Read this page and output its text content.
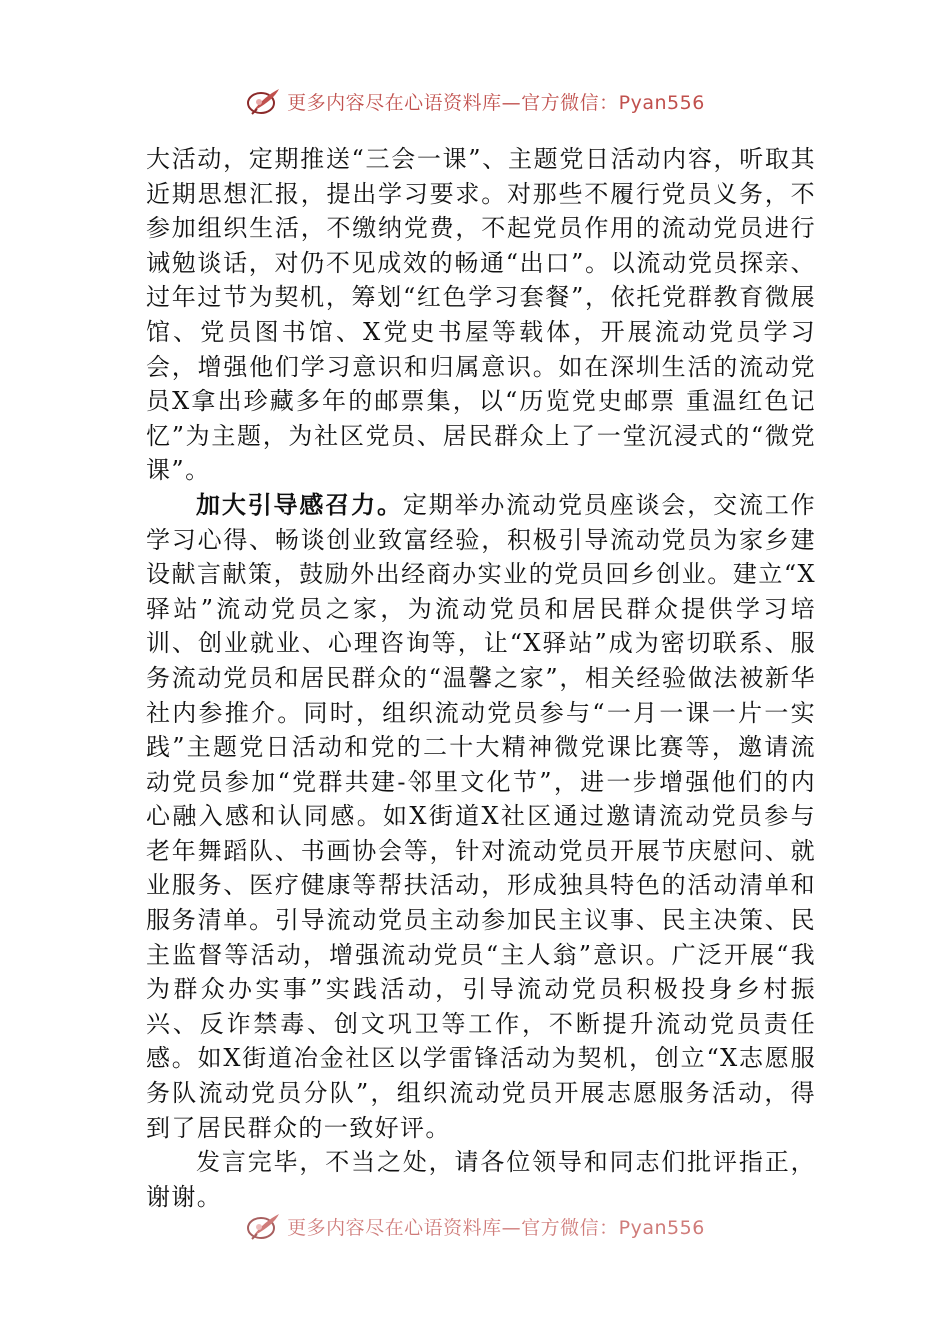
更多内容尽在心语资料库—官方微信：Pyan556

大活动，定期推送“三会一课”、主题党日活动内容，听取其近期思想汇报，提出学习要求。对那些不履行党员义务，不参加组织生活，不缴纳党费，不起党员作用的流动党员进行诫勉谈话，对仍不见成效的畅通“出口”。以流动党员探亲、过年过节为契机，筹划“红色学习套餐”，依托党群教育微展馆、党员图书馆、X党史书屋等载体，开展流动党员学习会，增强他们学习意识和归属意识。如在深圳生活的流动党员X拿出珍藏多年的邮票集，以“历览党史邮票 重温红色记忆”为主题，为社区党员、居民群众上了一堂沉浸式的“微党课”。

加大引导感召力。定期举办流动党员座谈会，交流工作学习心得、畅谈创业致富经验，积极引导流动党员为家乡建设献言献策，鼓励外出经商办实业的党员回乡创业。建立“X驿站”流动党员之家，为流动党员和居民群众提供学习培训、创业就业、心理咨询等，让“X驿站”成为密切联系、服务流动党员和居民群众的“温馨之家”，相关经验做法被新华社内参推介。同时，组织流动党员参与“一月一课一片一实践”主题党日活动和党的二十大精神微党课比赛等，邀请流动党员参加“党群共建-邻里文化节”，进一步增强他们的内心融入感和认同感。如X街道X社区通过邀请流动党员参与老年舞蹈队、书画协会等，针对流动党员开展节庆慰问、就业服务、医疗健康等帮扶活动，形成独具特色的活动清单和服务清单。引导流动党员主动参加民主议事、民主决策、民主监督等活动，增强流动党员“主人翁”意识。广泛开展“我为群众办实事”实践活动，引导流动党员积极投身乡村振兴、反诈禁毒、创文巩卫等工作，不断提升流动党员责任感。如X街道冶金社区以学雷锋活动为契机，创立“X志愿服务队流动党员分队”，组织流动党员开展志愿服务活动，得到了居民群众的一致好评。

发言完毕，不当之处，请各位领导和同志们批评指正，谢谢。

更多内容尽在心语资料库—官方微信：Pyan556
